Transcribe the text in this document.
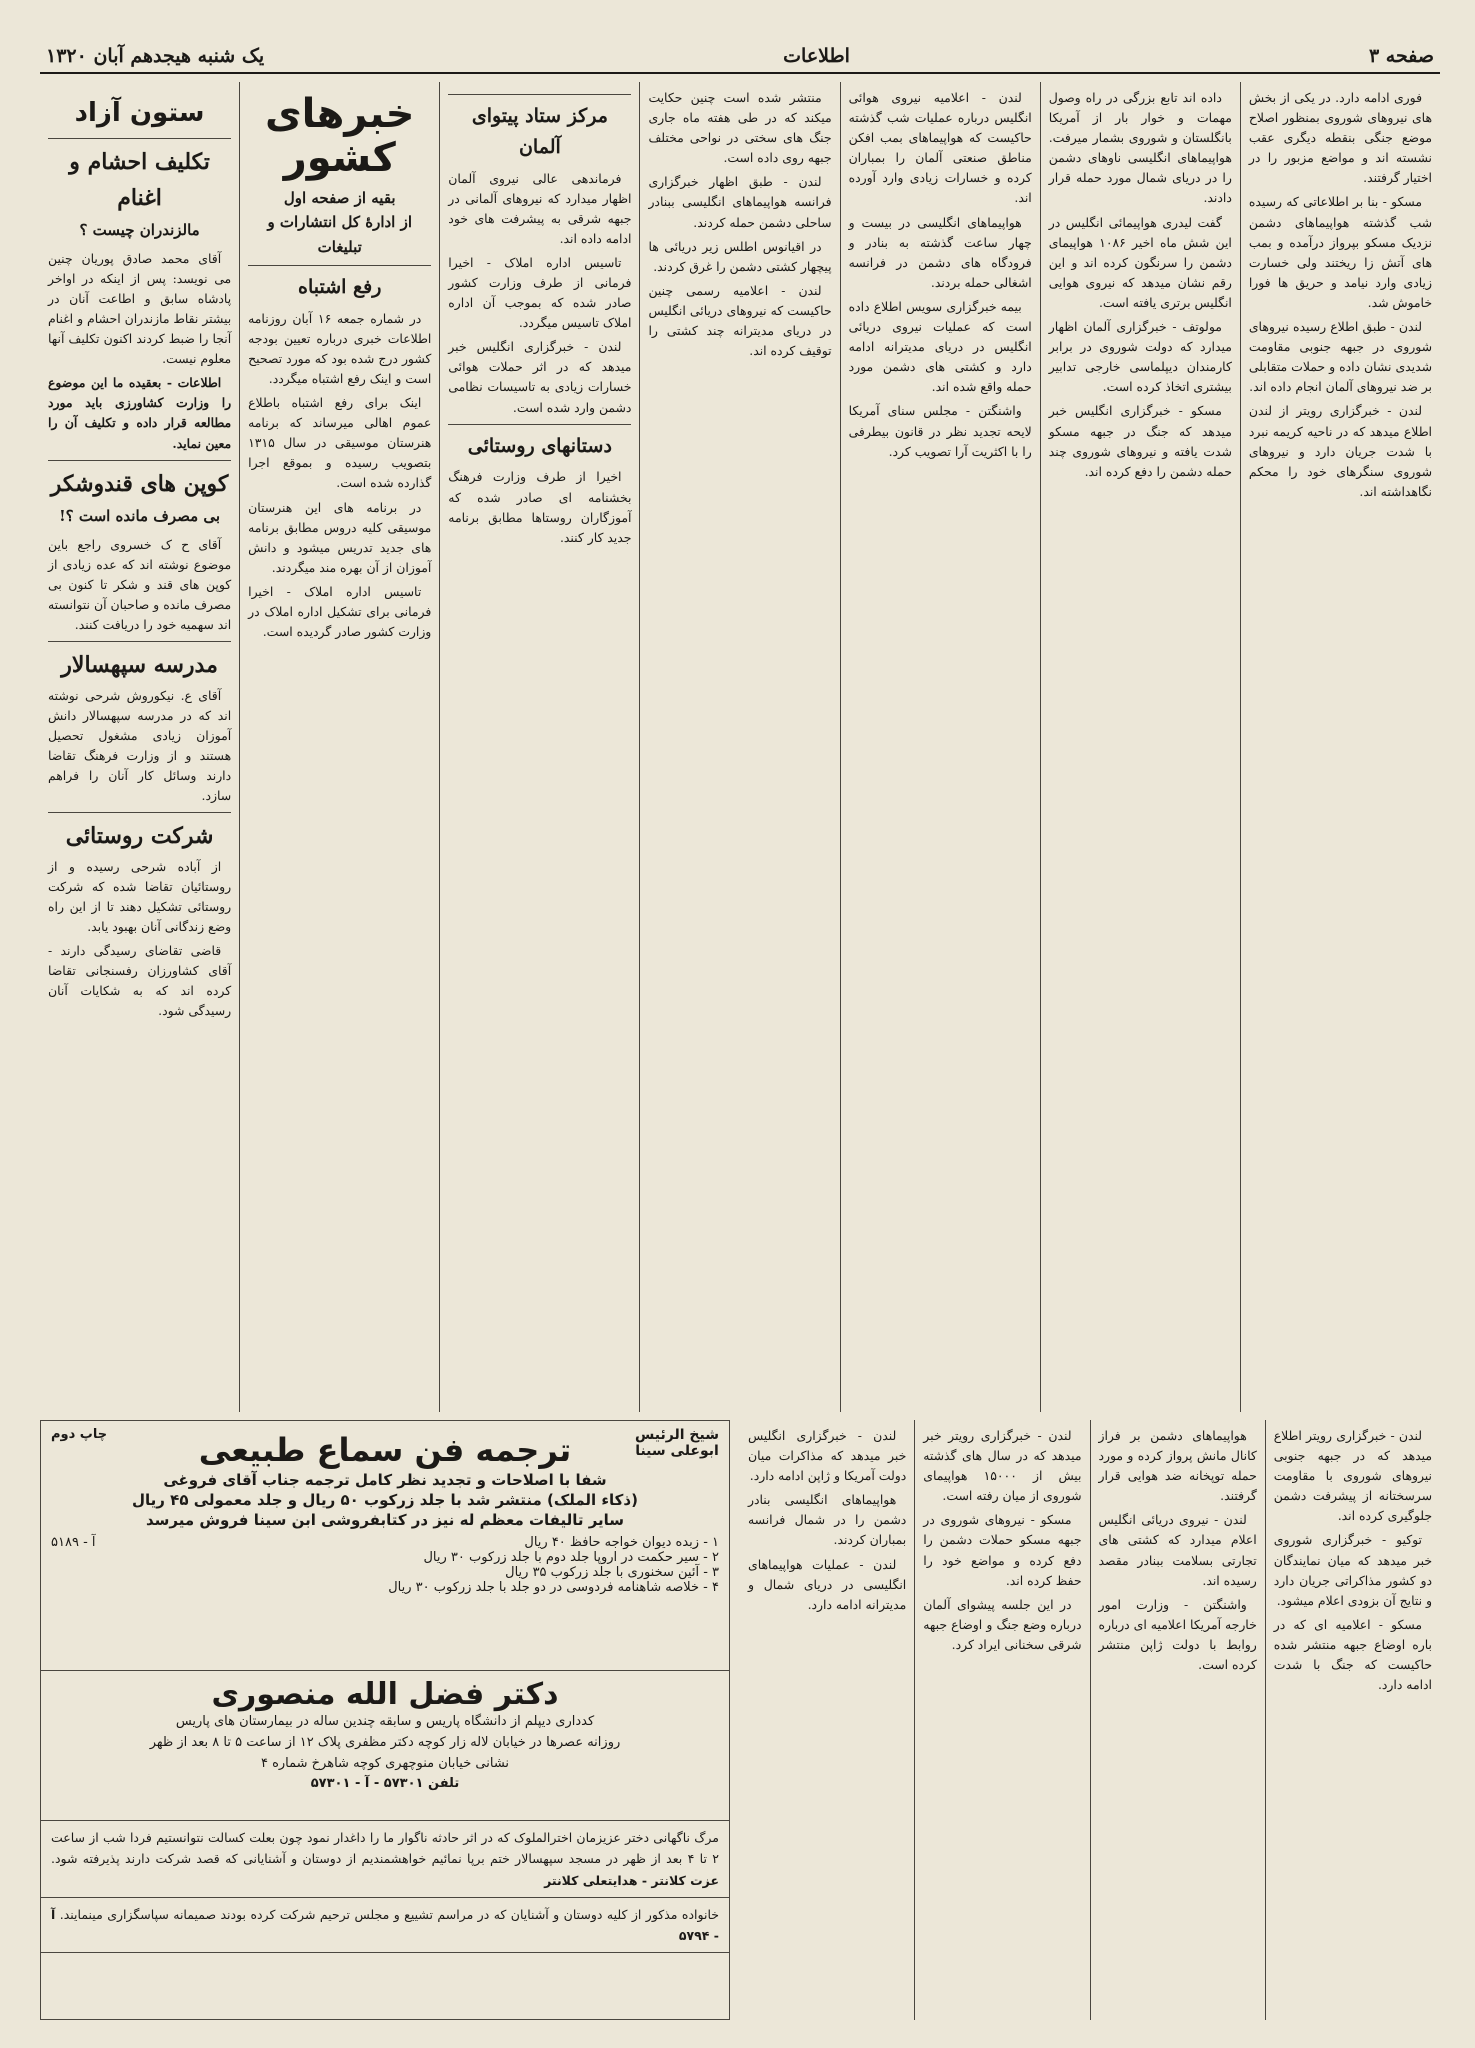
صفحه ۳
اطلاعات
یک شنبه هیجدهم آبان ۱۳۲۰

فوری ادامه دارد. در یکی از بخش های نیروهای شوروی بمنظور اصلاح موضع جنگی بنقطه دیگری عقب نشسته اند و مواضع مزبور را در اختیار گرفتند.

مسکو - بنا بر اطلاعاتی که رسیده شب گذشته هواپیماهای دشمن نزدیک مسکو بپرواز درآمده و بمب های آتش زا ریختند ولی خسارت زیادی وارد نیامد و حریق ها فورا خاموش شد.

لندن - طبق اطلاع رسیده نیروهای شوروی در جبهه جنوبی مقاومت شدیدی نشان داده و حملات متقابلی بر ضد نیروهای آلمان انجام داده اند.

لندن - خبرگزاری رویتر از لندن اطلاع میدهد که در ناحیه کریمه نبرد با شدت جریان دارد و نیروهای شوروی سنگرهای خود را محکم نگاهداشته اند.

داده اند تابع بزرگی در راه وصول مهمات و خوار بار از آمریکا بانگلستان و شوروی بشمار میرفت. هواپیماهای انگلیسی ناوهای دشمن را در دریای شمال مورد حمله قرار دادند.

گفت لیدری هواپیمائی انگلیس در این شش ماه اخیر ۱۰۸۶ هواپیمای دشمن را سرنگون کرده اند و این رقم نشان میدهد که نیروی هوایی انگلیس برتری یافته است.

مولوتف - خبرگزاری آلمان اظهار میدارد که دولت شوروی در برابر کارمندان دیپلماسی خارجی تدابیر بیشتری اتخاذ کرده است.

مسکو - خبرگزاری انگلیس خبر میدهد که جنگ در جبهه مسکو شدت یافته و نیروهای شوروی چند حمله دشمن را دفع کرده اند.

لندن - اعلامیه نیروی هوائی انگلیس درباره عملیات شب گذشته حاکیست که هواپیماهای بمب افکن مناطق صنعتی آلمان را بمباران کرده و خسارات زیادی وارد آورده اند.

هواپیماهای انگلیسی در بیست و چهار ساعت گذشته به بنادر و فرودگاه های دشمن در فرانسه اشغالی حمله بردند.

بیمه خبرگزاری سویس اطلاع داده است که عملیات نیروی دریائی انگلیس در دریای مدیترانه ادامه دارد و کشتی های دشمن مورد حمله واقع شده اند.

واشنگتن - مجلس سنای آمریکا لایحه تجدید نظر در قانون بیطرفی را با اکثریت آرا تصویب کرد.

منتشر شده است چنین حکایت میکند که در طی هفته ماه جاری جنگ های سختی در نواحی مختلف جبهه روی داده است.

لندن - طبق اظهار خبرگزاری فرانسه هواپیماهای انگلیسی ببنادر ساحلی دشمن حمله کردند.

در اقیانوس اطلس زیر دریائی ها پیچهار کشتی دشمن را غرق کردند.

لندن - اعلامیه رسمی چنین حاکیست که نیروهای دریائی انگلیس در دریای مدیترانه چند کشتی را توقیف کرده اند.

مرکز ستاد پیتوای آلمان

فرماندهی عالی نیروی آلمان اظهار میدارد که نیروهای آلمانی در جبهه شرقی به پیشرفت های خود ادامه داده اند.

تاسیس اداره املاک - اخیرا فرمانی از طرف وزارت کشور صادر شده که بموجب آن اداره املاک تاسیس میگردد.

لندن - خبرگزاری انگلیس خبر میدهد که در اثر حملات هوائی خسارات زیادی به تاسیسات نظامی دشمن وارد شده است.

دستانهای روستائی

اخیرا از طرف وزارت فرهنگ بخشنامه ای صادر شده که آموزگاران روستاها مطابق برنامه جدید کار کنند.

خبرهای کشور
بقیه از صفحه اول
از ادارهٔ کل انتشارات و تبلیغات
رفع اشتباه

در شماره جمعه ۱۶ آبان روزنامه اطلاعات خبری درباره تعیین بودجه کشور درج شده بود که مورد تصحیح است و اینک رفع اشتباه میگردد.

اینک برای رفع اشتباه باطلاع عموم اهالی میرساند که برنامه هنرستان موسیقی در سال ۱۳۱۵ بتصویب رسیده و بموقع اجرا گذارده شده است.

در برنامه های این هنرستان موسیقی کلیه دروس مطابق برنامه های جدید تدریس میشود و دانش آموزان از آن بهره مند میگردند.

تاسیس اداره املاک - اخیرا فرمانی برای تشکیل اداره املاک در وزارت کشور صادر گردیده است.

ستون آزاد
تکلیف احشام و اغنام
مالزندران چیست ؟

آقای محمد صادق پوریان چنین می نویسد: پس از اینکه در اواخر پادشاه سابق و اطاعت آنان در بیشتر نقاط مازندران احشام و اغنام آنجا را ضبط کردند اکنون تکلیف آنها معلوم نیست.

اطلاعات - بعقیده ما این موضوع را وزارت کشاورزی باید مورد مطالعه قرار داده و تکلیف آن را معین نماید.

کوپن های قندوشکر
بی مصرف مانده است ؟!

آقای ح ک خسروی راجع باین موضوع نوشته اند که عده زیادی از کوپن های قند و شکر تا کنون بی مصرف مانده و صاحبان آن نتوانسته اند سهمیه خود را دریافت کنند.

مدرسه سپهسالار

آقای ع. نیکوروش شرحی نوشته اند که در مدرسه سپهسالار دانش آموزان زیادی مشغول تحصیل هستند و از وزارت فرهنگ تقاضا دارند وسائل کار آنان را فراهم سازد.

شرکت روستائی

از آباده شرحی رسیده و از روستائیان تقاضا شده که شرکت روستائی تشکیل دهند تا از این راه وضع زندگانی آنان بهبود یابد.

قاضی تقاضای رسیدگی دارند - آقای کشاورزان رفسنجانی تقاضا کرده اند که به شکایات آنان رسیدگی شود.

لندن - خبرگزاری رویتر اطلاع میدهد که در جبهه جنوبی نیروهای شوروی با مقاومت سرسختانه از پیشرفت دشمن جلوگیری کرده اند.

توکیو - خبرگزاری شوروی خبر میدهد که میان نمایندگان دو کشور مذاکراتی جریان دارد و نتایج آن بزودی اعلام میشود.

مسکو - اعلامیه ای که در باره اوضاع جبهه منتشر شده حاکیست که جنگ با شدت ادامه دارد.

هواپیماهای دشمن بر فراز کانال مانش پرواز کرده و مورد حمله توپخانه ضد هوایی قرار گرفتند.

لندن - نیروی دریائی انگلیس اعلام میدارد که کشتی های تجارتی بسلامت ببنادر مقصد رسیده اند.

واشنگتن - وزارت امور خارجه آمریکا اعلامیه ای درباره روابط با دولت ژاپن منتشر کرده است.

لندن - خبرگزاری رویتر خبر میدهد که در سال های گذشته بیش از ۱۵۰۰۰ هواپیمای شوروی از میان رفته است.

مسکو - نیروهای شوروی در جبهه مسکو حملات دشمن را دفع کرده و مواضع خود را حفظ کرده اند.

در این جلسه پیشوای آلمان درباره وضع جنگ و اوضاع جبهه شرقی سخنانی ایراد کرد.

لندن - خبرگزاری انگلیس خبر میدهد که مذاکرات میان دولت آمریکا و ژاپن ادامه دارد.

هواپیماهای انگلیسی بنادر دشمن را در شمال فرانسه بمباران کردند.

لندن - عملیات هواپیماهای انگلیسی در دریای شمال و مدیترانه ادامه دارد.

چاپ دوم	شیخ الرئیس
ابوعلی سینا
ترجمه فن سماع طبیعی
شفا با اصلاحات و تجدید نظر کامل ترجمه جناب آقای فروغی
(ذکاء الملک) منتشر شد با جلد زرکوب ۵۰ ریال و جلد معمولی ۴۵ ریال
سایر تالیفات معظم له نیز در کتابفروشی ابن سینا فروش میرسد
۱ - زبده دیوان خواجه حافظ ۴۰ ریال
۲ - سیر حکمت در اروپا جلد دوم با جلد زرکوب ۳۰ ریال
۳ - آئین سخنوری با جلد زرکوب ۳۵ ریال
۴ - خلاصه شاهنامه فردوسی در دو جلد با جلد زرکوب ۳۰ ریال
آ - ۵۱۸۹
دکتر فضل الله منصوری

کدداری دیپلم از دانشگاه پاریس و سابقه چندین ساله در بیمارستان های پاریس

روزانه عصرها در خیابان لاله زار کوچه دکتر مظفری پلاک ۱۲ از ساعت ۵ تا ۸ بعد از ظهر

نشانی خیابان منوچهری کوچه شاهرخ شماره ۴

تلفن ۵۷۳۰۱ - آ - ۵۷۳۰۱

مرگ ناگهانی دختر عزیزمان اخترالملوک که در اثر حادثه ناگوار ما را داغدار نمود چون بعلت کسالت نتوانستیم فردا شب از ساعت ۲ تا ۴ بعد از ظهر در مسجد سپهسالار ختم برپا نمائیم خواهشمندیم از دوستان و آشنایانی که قصد شرکت دارند پذیرفته شود. عزت کلانتر - هدایتعلی کلانتر
خانواده مذکور از کلیه دوستان و آشنایان که در مراسم تشییع و مجلس ترحیم شرکت کرده بودند صمیمانه سپاسگزاری مینمایند. آ - ۵۷۹۴
